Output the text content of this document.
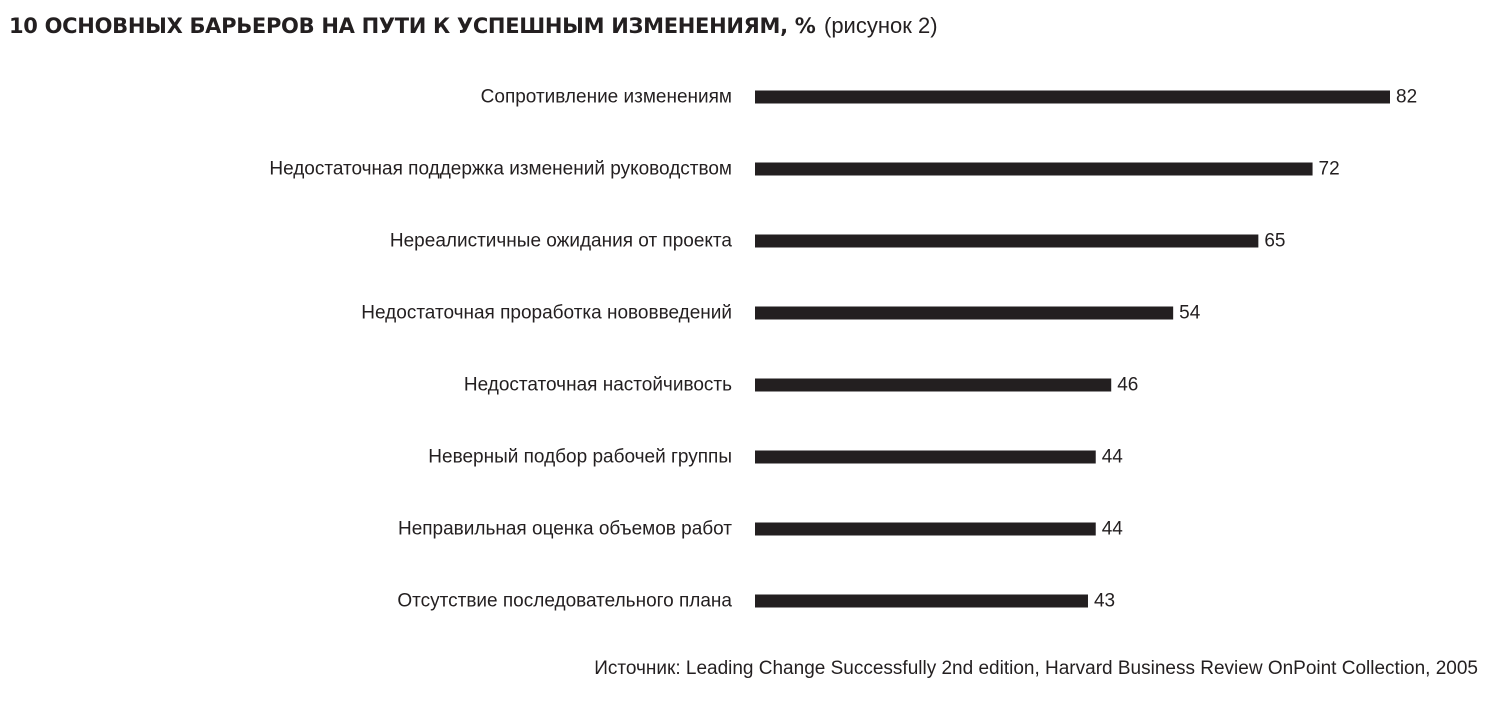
10 ОСНОВНЫХ БАРЬЕРОВ НА ПУТИ К УСПЕШНЫМ ИЗМЕНЕНИЯМ, % (рисунок 2)
Сопротивление изменениям	82
Недостаточная поддержка изменений руководством	72
Нереалистичные ожидания от проекта	65
Недостаточная проработка нововведений	54
Недостаточная настойчивость	46
Неверный подбор рабочей группы	44
Неправильная оценка объемов работ	44
Отсутствие последовательного плана	43
Источник: Leading Change Successfully 2nd edition, Harvard Business Review OnPoint Collection, 2005
